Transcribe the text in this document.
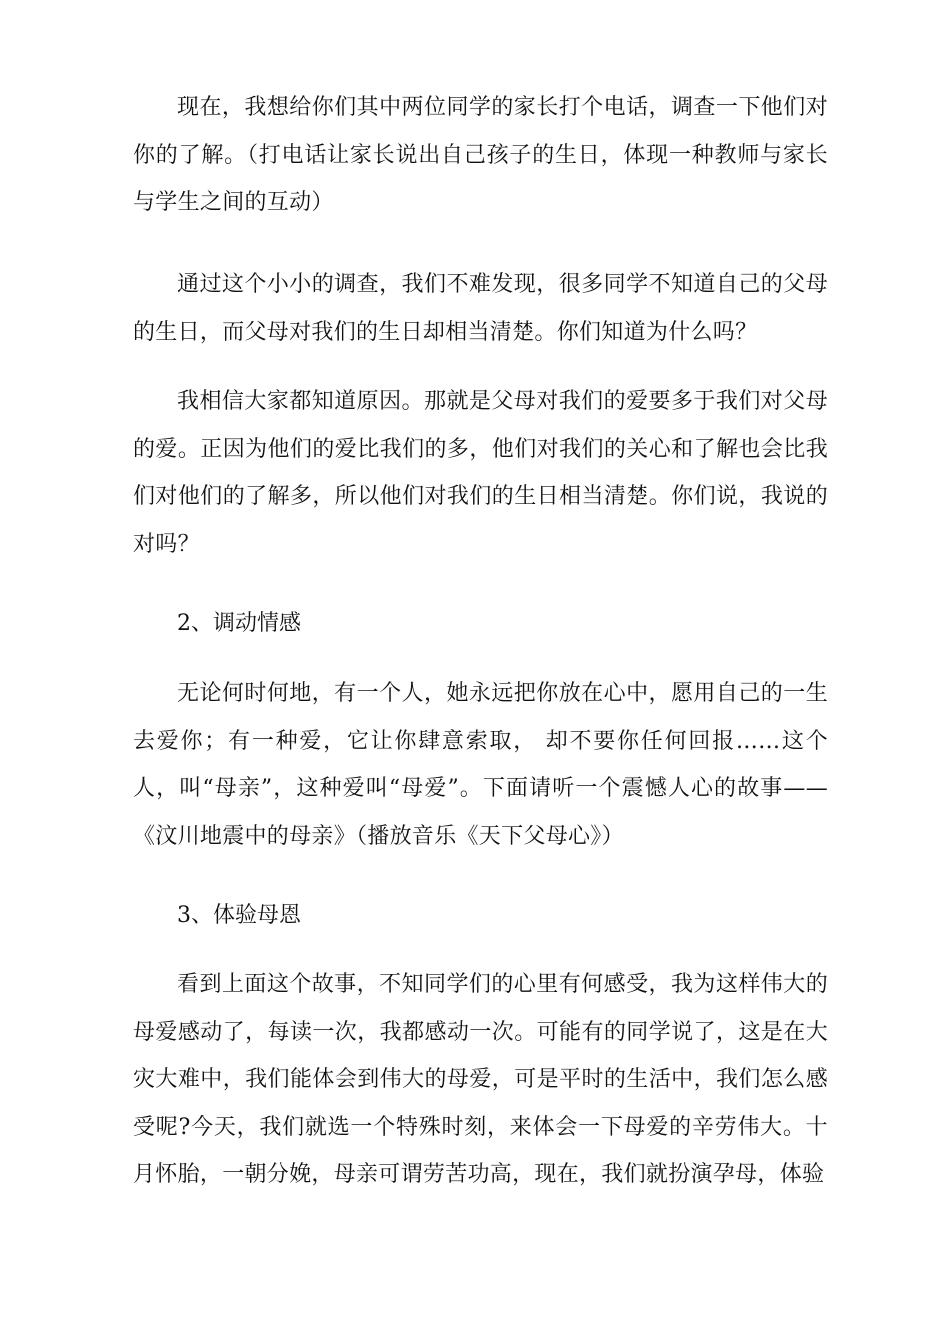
现在，我想给你们其中两位同学的家长打个电话，调查一下他们对你的了解。（打电话让家长说出自己孩子的生日，体现一种教师与家长与学生之间的互动）

通过这个小小的调查，我们不难发现，很多同学不知道自己的父母的生日，而父母对我们的生日却相当清楚。你们知道为什么吗？

我相信大家都知道原因。那就是父母对我们的爱要多于我们对父母的爱。正因为他们的爱比我们的多，他们对我们的关心和了解也会比我们对他们的了解多，所以他们对我们的生日相当清楚。你们说，我说的对吗？

2、调动情感

无论何时何地，有一个人，她永远把你放在心中，愿用自己的一生去爱你；有一种爱，它让你肆意索取， 却不要你任何回报……这个人，叫“母亲”，这种爱叫“母爱”。下面请听一个震憾人心的故事——《汶川地震中的母亲》（播放音乐《天下父母心》）

3、体验母恩

看到上面这个故事，不知同学们的心里有何感受，我为这样伟大的母爱感动了，每读一次，我都感动一次。可能有的同学说了，这是在大灾大难中，我们能体会到伟大的母爱，可是平时的生活中，我们怎么感受呢?今天，我们就选一个特殊时刻，来体会一下母爱的辛劳伟大。十月怀胎，一朝分娩，母亲可谓劳苦功高，现在，我们就扮演孕母，体验
